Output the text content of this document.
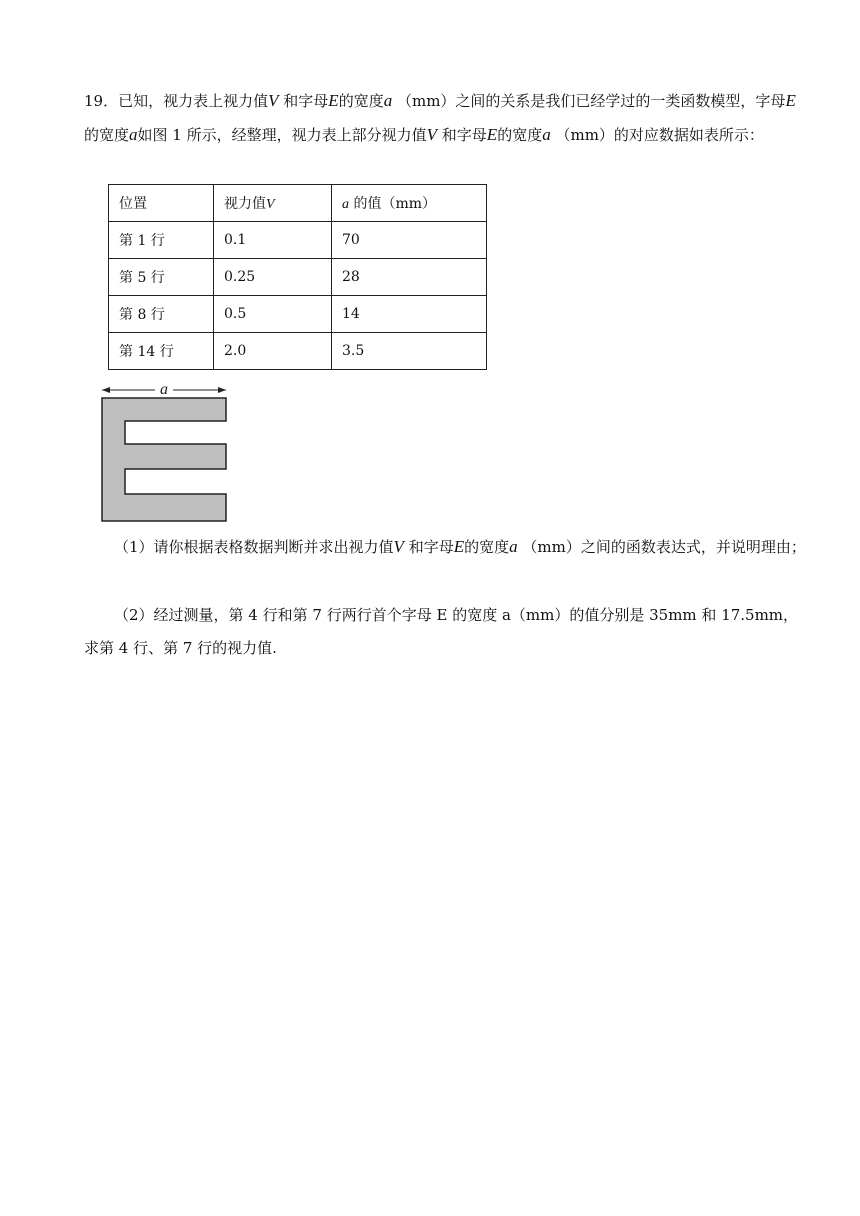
19．已知，视力表上视力值V 和字母E的宽度a （mm）之间的关系是我们已经学过的一类函数模型，字母E的宽度a如图 1 所示，经整理，视力表上部分视力值V 和字母E的宽度a （mm）的对应数据如表所示：
位置	视力值V	a 的值（mm）
第 1 行	0.1	70
第 5 行	0.25	28
第 8 行	0.5	14
第 14 行	2.0	3.5
a
（1）请你根据表格数据判断并求出视力值V 和字母E的宽度a （mm）之间的函数表达式，并说明理由；
（2）经过测量，第 4 行和第 7 行两行首个字母 E 的宽度 a（mm）的值分别是 35mm 和 17.5mm，求第 4 行、第 7 行的视力值.
